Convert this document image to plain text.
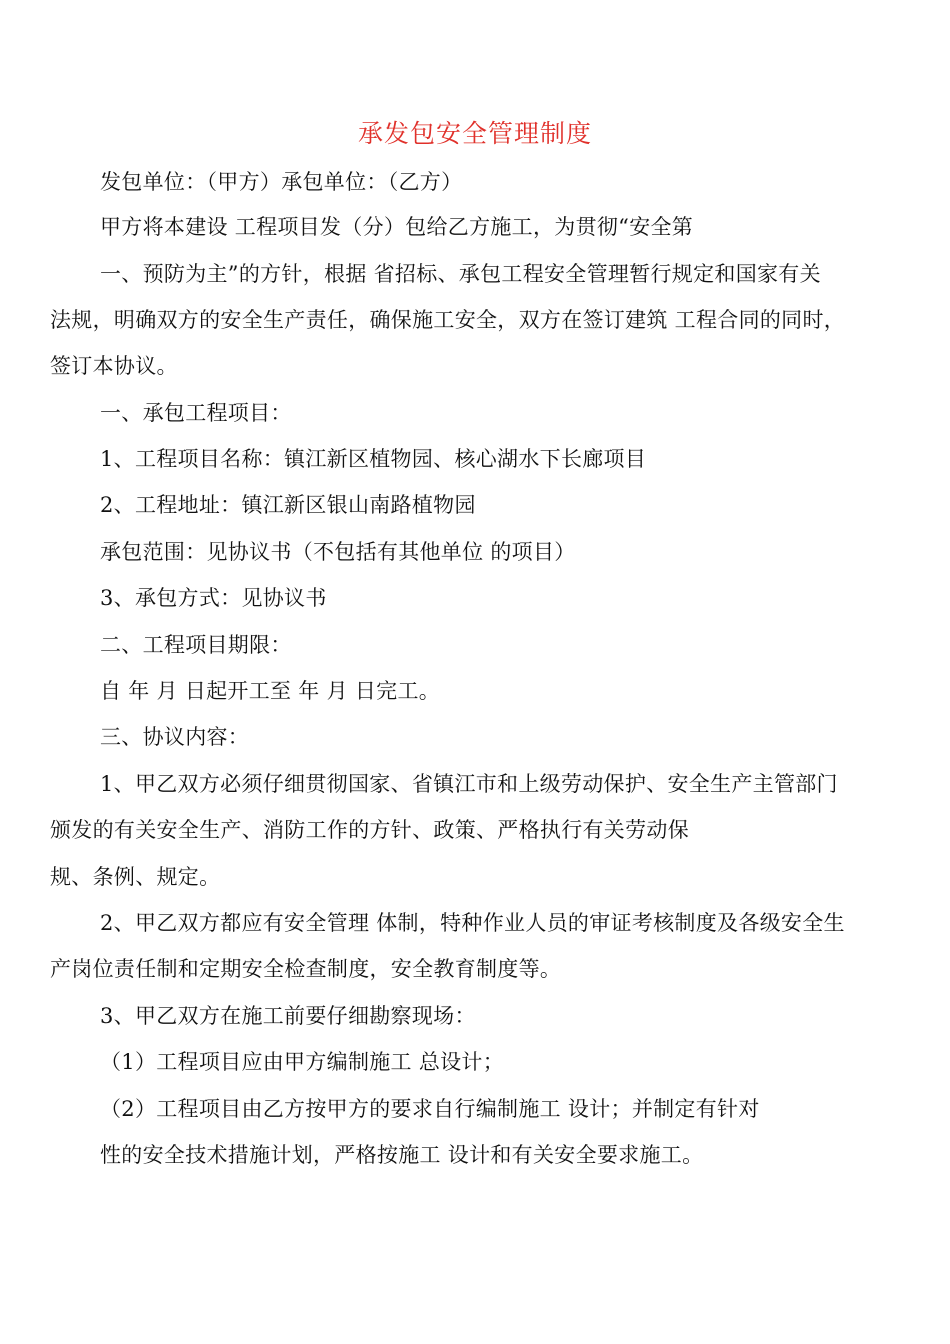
承发包安全管理制度
发包单位：（甲方）承包单位：（乙方）
甲方将本建设 工程项目发（分）包给乙方施工，为贯彻“安全第
一、预防为主”的方针，根据 省招标、承包工程安全管理暂行规定和国家有关
法规，明确双方的安全生产责任，确保施工安全，双方在签订建筑 工程合同的同时，
签订本协议。
一、承包工程项目：
1、工程项目名称：镇江新区植物园、核心湖水下长廊项目
2、工程地址：镇江新区银山南路植物园
承包范围：见协议书（不包括有其他单位 的项目）
3、承包方式：见协议书
二、工程项目期限：
自 年 月 日起开工至 年 月 日完工。
三、协议内容：
1、甲乙双方必须仔细贯彻国家、省镇江市和上级劳动保护、安全生产主管部门
颁发的有关安全生产、消防工作的方针、政策、严格执行有关劳动保
规、条例、规定。
2、甲乙双方都应有安全管理 体制，特种作业人员的审证考核制度及各级安全生
产岗位责任制和定期安全检查制度，安全教育制度等。
3、甲乙双方在施工前要仔细勘察现场：
（1）工程项目应由甲方编制施工 总设计；
（2）工程项目由乙方按甲方的要求自行编制施工 设计；并制定有针对
性的安全技术措施计划，严格按施工 设计和有关安全要求施工。
